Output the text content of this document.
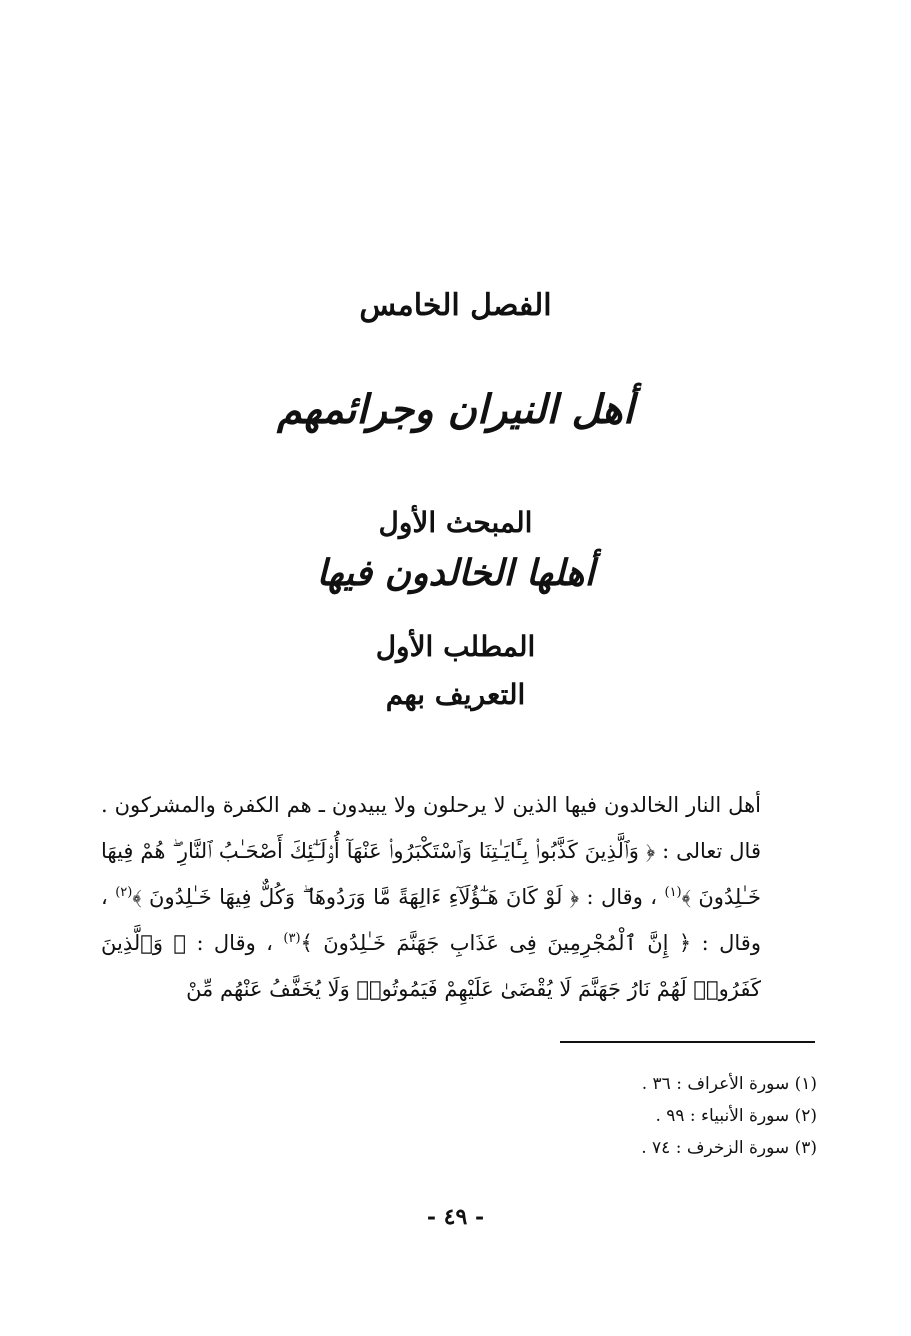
الفصل الخامس
أهل النيران وجرائمهم
المبحث الأول
أهلها الخالدون فيها
المطلب الأول
التعريف بهم

أهل النار الخالدون فيها الذين لا يرحلون ولا يبيدون ـ هم الكفرة والمشركون . قال تعالى : ﴿ وَٱلَّذِينَ كَذَّبُوا۟ بِـَٔايَـٰتِنَا وَٱسْتَكْبَرُوا۟ عَنْهَآ أُو۟لَـٰٓئِكَ أَصْحَـٰبُ ٱلنَّارِ ۖ هُمْ فِيهَا خَـٰلِدُونَ ﴾$^{(١)}$ ، وقال : ﴿ لَوْ كَانَ هَـٰٓؤُلَآءِ ءَالِهَةً مَّا وَرَدُوهَا ۖ وَكُلٌّ فِيهَا خَـٰلِدُونَ ﴾$^{(٢)}$ ، وقال : ﴿ إِنَّ ٱلْمُجْرِمِينَ فِى عَذَابِ جَهَنَّمَ خَـٰلِدُونَ ﴾$^{(٣)}$ ، وقال : ﴿ وَٱلَّذِينَ كَفَرُوا۟ لَهُمْ نَارُ جَهَنَّمَ لَا يُقْضَىٰ عَلَيْهِمْ فَيَمُوتُوا۟ وَلَا يُخَفَّفُ عَنْهُم مِّنْ

(١) سورة الأعراف : ٣٦ .
(٢) سورة الأنبياء : ٩٩ .
(٣) سورة الزخرف : ٧٤ .
- ٤٩ -
